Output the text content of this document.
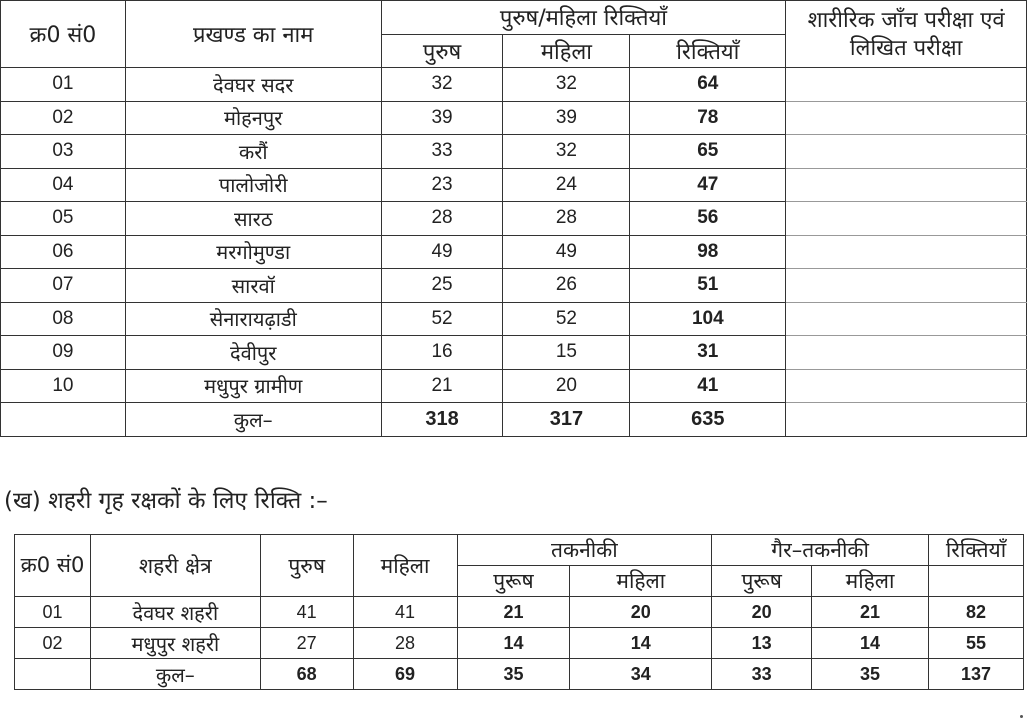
क्र0 सं0	प्रखण्ड का नाम	पुरुष/महिला रिक्तियाँ			शारीरिक जाँच परीक्षा एवं लिखित परीक्षा
		पुरुष	महिला	रिक्तियाँ	
01	देवघर सदर	32	32	64	
02	मोहनपुर	39	39	78	
03	करौं	33	32	65	
04	पालोजोरी	23	24	47	
05	सारठ	28	28	56	
06	मरगोमुण्डा	49	49	98	
07	सारवॉ	25	26	51	
08	सेनारायढ़ाडी	52	52	104	
09	देवीपुर	16	15	31	
10	मधुपुर ग्रामीण	21	20	41	
	कुल–	318	317	635	

(ख) शहरी गृह रक्षकों के लिए रिक्ति :–

क्र0 सं0	शहरी क्षेत्र	पुरुष	महिला	तकनीकी		गैर–तकनीकी		रिक्तियाँ
				पुरूष	महिला	पुरूष	महिला	
01	देवघर शहरी	41	41	21	20	20	21	82
02	मधुपुर शहरी	27	28	14	14	13	14	55
	कुल–	68	69	35	34	33	35	137
